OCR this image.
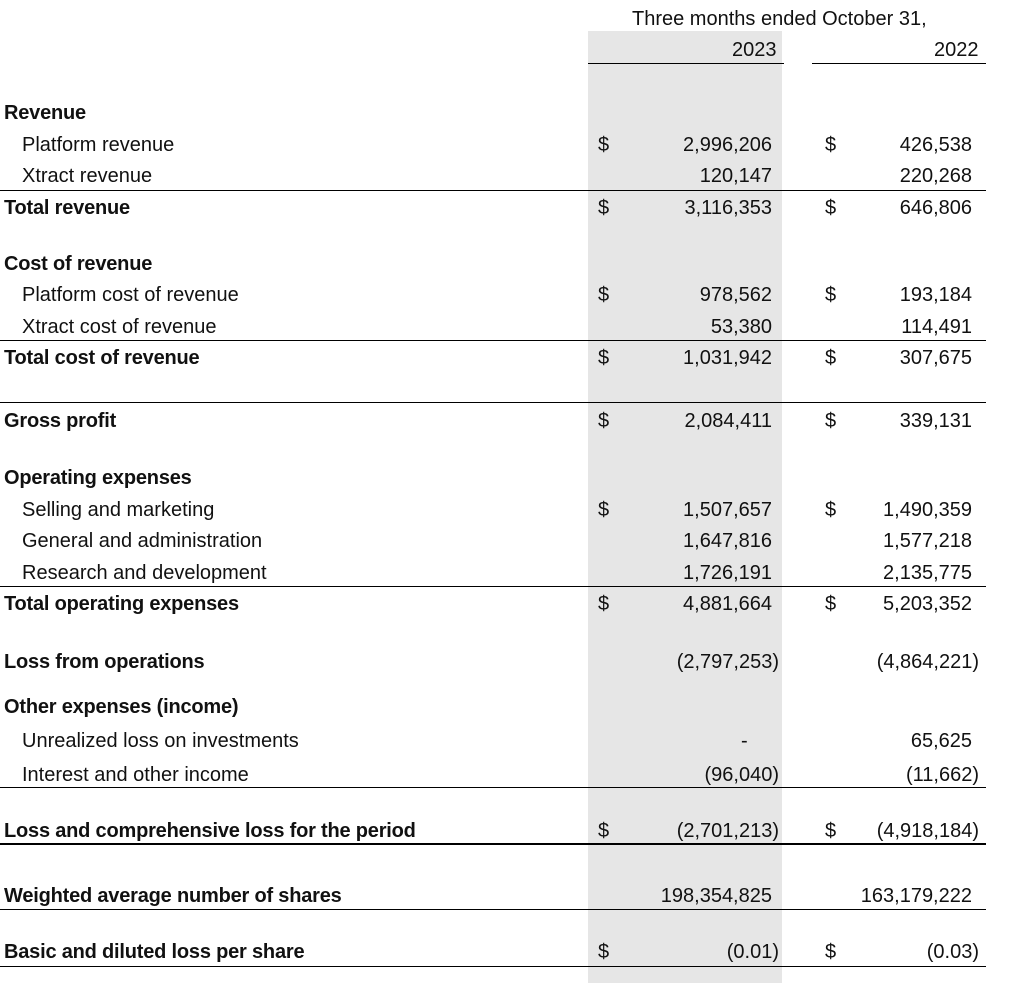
Three months ended October 31,
2023	2022
Revenue
Platform revenue	$	2,996,206	$	426,538
Xtract revenue	120,147	220,268
Total revenue	$	3,116,353	$	646,806
Cost of revenue
Platform cost of revenue	$	978,562	$	193,184
Xtract cost of revenue	53,380	114,491
Total cost of revenue	$	1,031,942	$	307,675
Gross profit	$	2,084,411	$	339,131
Operating expenses
Selling and marketing	$	1,507,657	$ 1,490,359
General and administration	1,647,816	1,577,218
Research and development	1,726,191	2,135,775
Total operating expenses	$	4,881,664	$ 5,203,352
Loss from operations	(2,797,253)	(4,864,221)
Other expenses (income)
Unrealized loss on investments	-	65,625
Interest and other income	(96,040)	(11,662)
Loss and comprehensive loss for the period	$	(2,701,213) $ (4,918,184)
Weighted average number of shares	198,354,825	163,179,222
Basic and diluted loss per share	$	(0.01) $	(0.03)
